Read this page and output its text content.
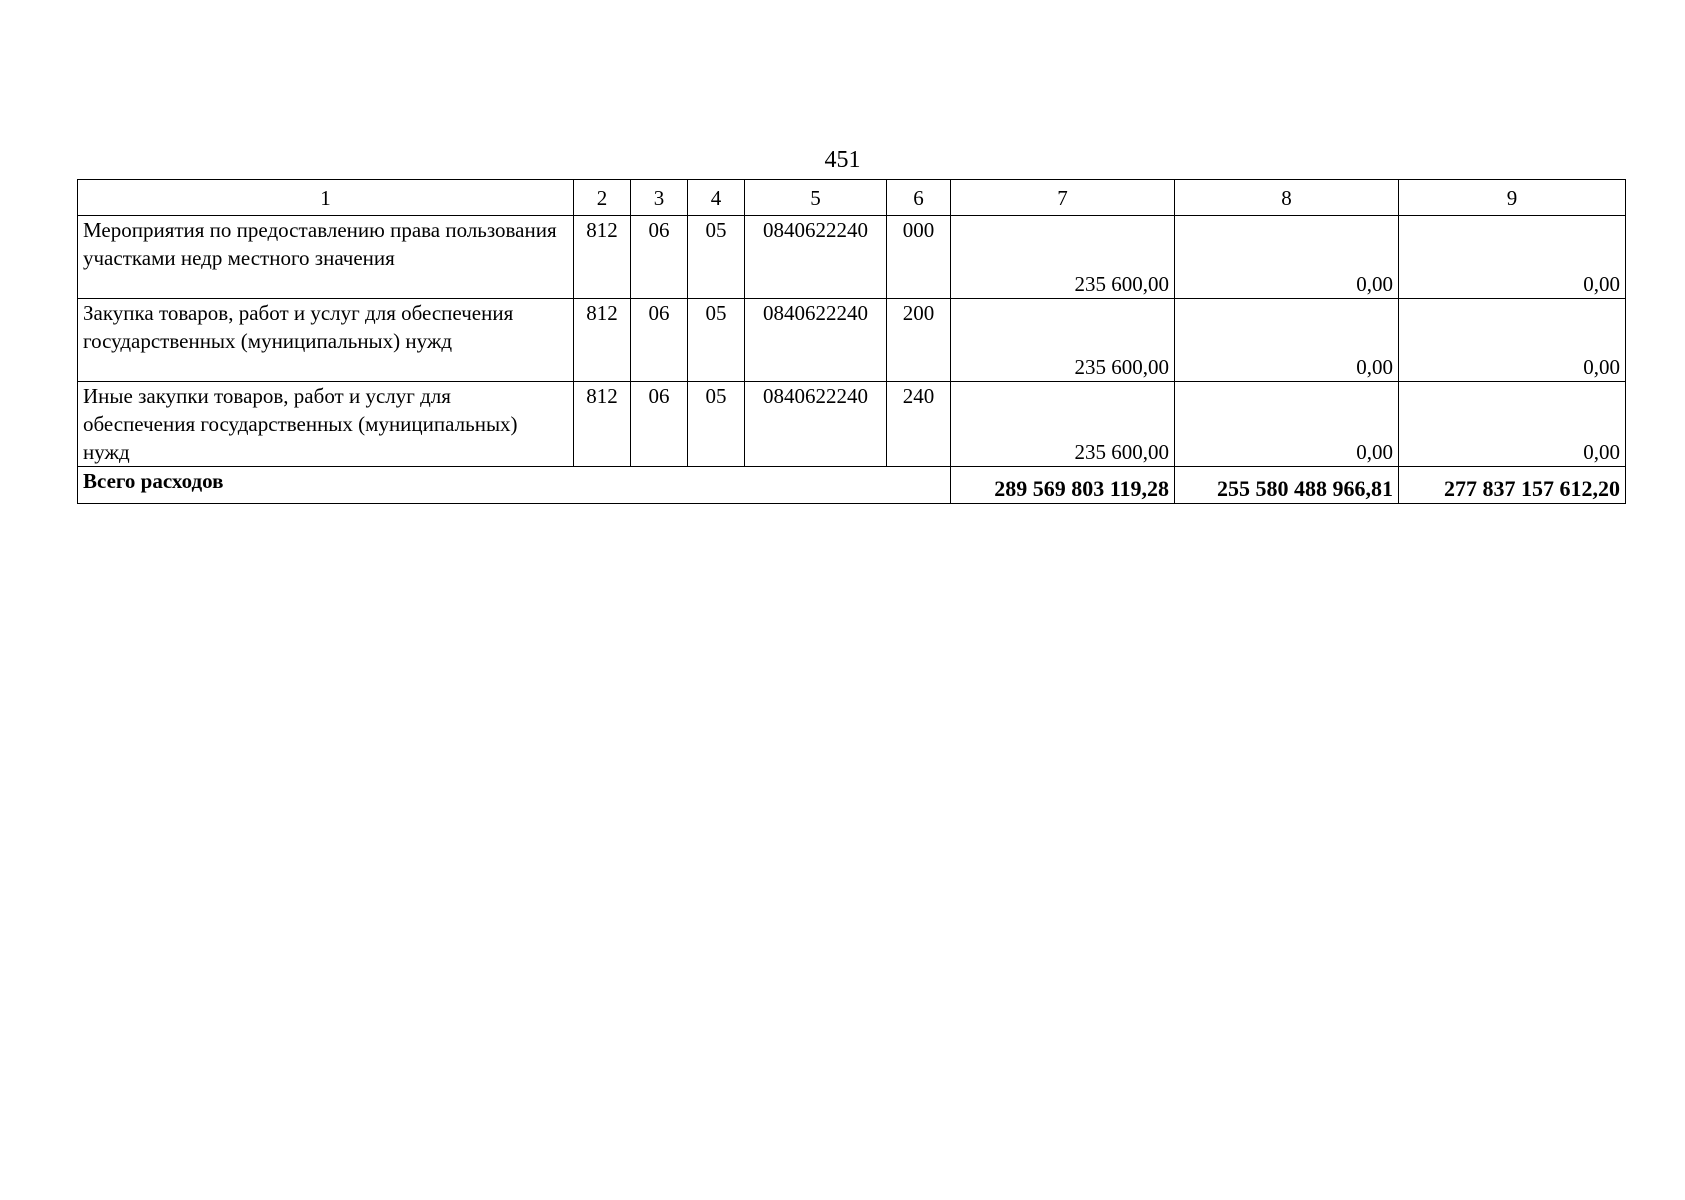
451
1	2	3	4	5	6	7	8	9
Мероприятия по предоставлению права пользования участками недр местного значения	812	06	05	0840622240	000	235 600,00	0,00	0,00
Закупка товаров, работ и услуг для обеспечения государственных (муниципальных) нужд	812	06	05	0840622240	200	235 600,00	0,00	0,00
Иные закупки товаров, работ и услуг для обеспечения государственных (муниципальных) нужд	812	06	05	0840622240	240	235 600,00	0,00	0,00
Всего расходов						289 569 803 119,28	255 580 488 966,81	277 837 157 612,20
